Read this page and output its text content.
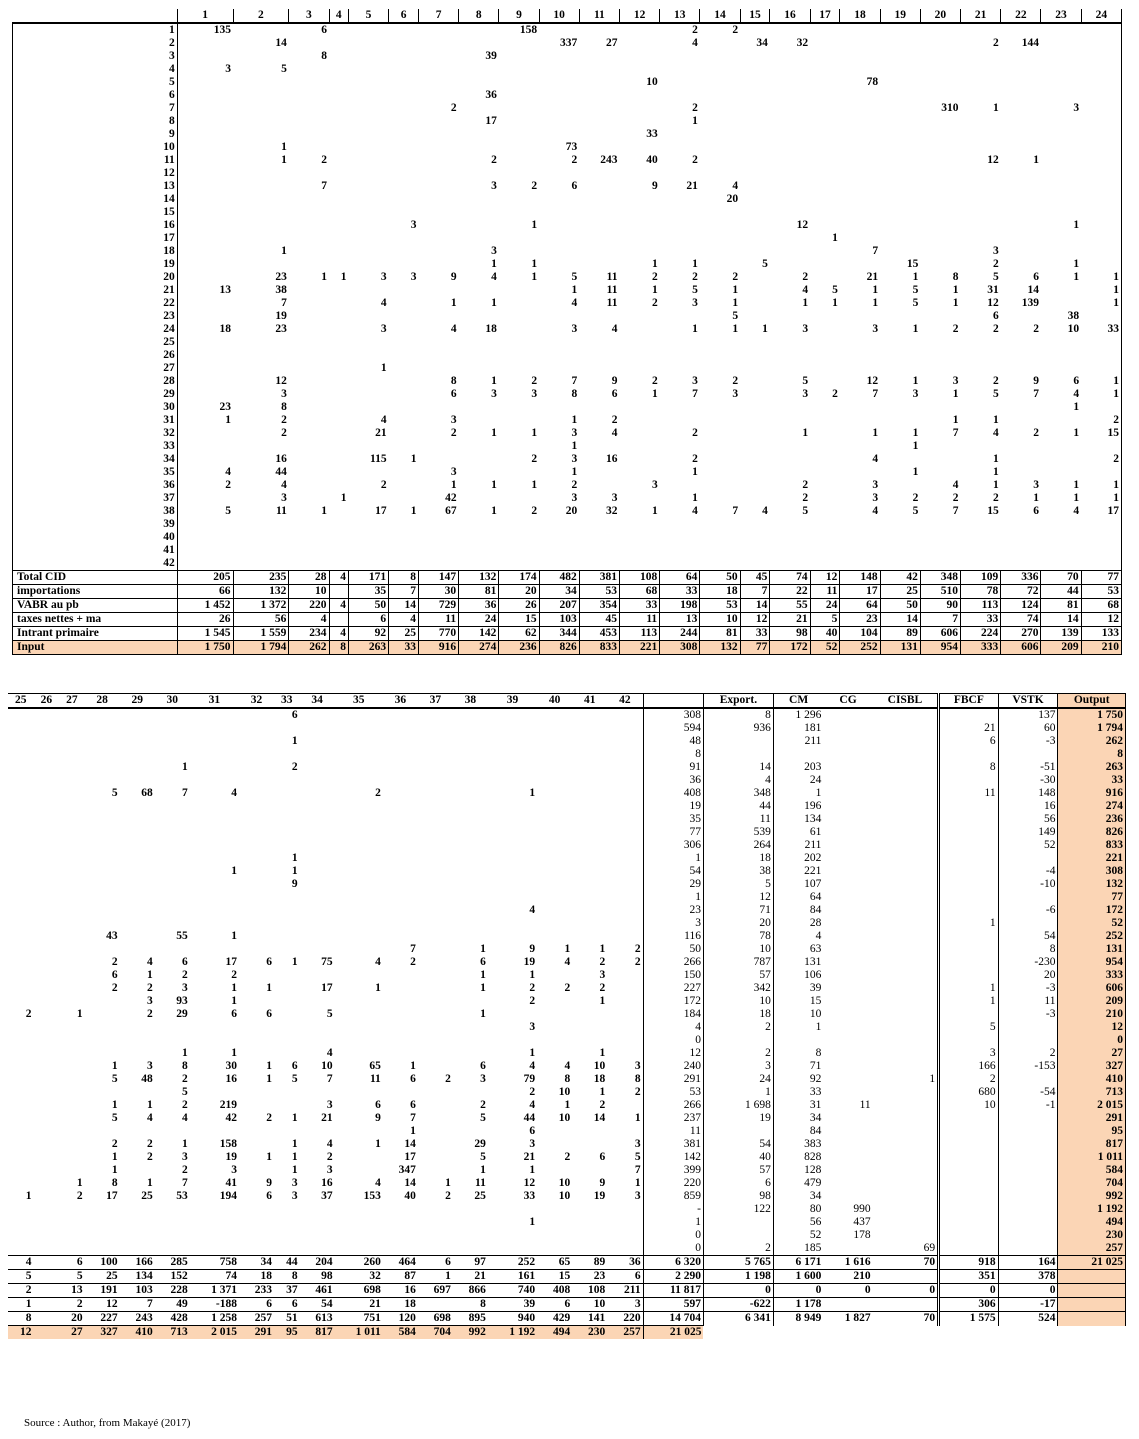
	1	2	3	4	5	6	7	8	9	10	11	12	13	14	15	16	17	18	19	20	21	22	23	24
1	135		6						158				2	2										
2		14								337	27		4		34	32					2	144		
3			8					39																
4	3	5																						
5												10						78						
6								36																
7							2						2							310	1		3	
8								17					1											
9												33												
10		1								73														
11		1	2					2		2	243	40	2								12	1		
12																								
13			7					3	2	6		9	21	4										
14														20										
15																								
16						3			1							12							1	
17																	1							
18		1						3										7			3			
19								1	1			1	1		5				15		2		1	
20		23	1	1	3	3	9	4	1	5	11	2	2	2		2		21	1	8	5	6	1	1
21	13	38								1	11	1	5	1		4	5	1	5	1	31	14		1
22		7			4		1	1		4	11	2	3	1		1	1	1	5	1	12	139		1
23		19												5							6		38	
24	18	23			3		4	18		3	4		1	1	1	3		3	1	2	2	2	10	33
25																								
26																								
27					1																			
28		12					8	1	2	7	9	2	3	2		5		12	1	3	2	9	6	1
29		3					6	3	3	8	6	1	7	3		3	2	7	3	1	5	7	4	1
30	23	8																					1	
31	1	2			4		3			1	2									1	1			2
32		2			21		2	1	1	3	4		2			1		1	1	7	4	2	1	15
33										1									1					
34		16			115	1			2	3	16		2					4			1			2
35	4	44					3			1			1						1		1			
36	2	4			2		1	1	1	2		3				2		3		4	1	3	1	1
37		3		1			42			3	3		1			2		3	2	2	2	1	1	1
38	5	11	1		17	1	67	1	2	20	32	1	4	7	4	5		4	5	7	15	6	4	17
39																								
40																								
41																								
42																								
Total CID	205	235	28	4	171	8	147	132	174	482	381	108	64	50	45	74	12	148	42	348	109	336	70	77
importations	66	132	10		35	7	30	81	20	34	53	68	33	18	7	22	11	17	25	510	78	72	44	53
VABR au pb	1 452	1 372	220	4	50	14	729	36	26	207	354	33	198	53	14	55	24	64	50	90	113	124	81	68
taxes nettes + ma	26	56	4		6	4	11	24	15	103	45	11	13	10	12	21	5	23	14	7	33	74	14	12
Intrant primaire	1 545	1 559	234	4	92	25	770	142	62	344	453	113	244	81	33	98	40	104	89	606	224	270	139	133
Input	1 750	1 794	262	8	263	33	916	274	236	826	833	221	308	132	77	172	52	252	131	954	333	606	209	210
25	26	27	28	29	30	31	32	33	34	35	36	37	38	39	40	41	42		Export.	CM	CG	CISBL	FBCF	VSTK	Output
								6										308	8	1 296				137	1 750
																		594	936	181			21	60	1 794
								1										48		211			6	-3	262
																		8							8
					1			2										91	14	203			8	-51	263
																		36	4	24				-30	33
			5	68	7	4				2				1				408	348	1			11	148	916
																		19	44	196				16	274
																		35	11	134				56	236
																		77	539	61				149	826
																		306	264	211				52	833
								1										1	18	202					221
						1		1										54	38	221				-4	308
								9										29	5	107				-10	132
																		1	12	64					77
														4				23	71	84				-6	172
																		3	20	28			1		52
			43		55	1												116	78	4				54	252
											7		1	9	1	1	2	50	10	63				8	131
			2	4	6	17	6	1	75	4	2		6	19	4	2	2	266	787	131				-230	954
			6	1	2	2							1	1		3		150	57	106				20	333
			2	2	3	1	1		17	1			1	2	2	2		227	342	39			1	-3	606
				3	93	1								2		1		172	10	15			1	11	209
2		1		2	29	6	6		5				1					184	18	10				-3	210
														3				4	2	1			5		12
																		0							0
					1	1			4					1		1		12	2	8			3	2	27
			1	3	8	30	1	6	10	65	1		6	4	4	10	3	240	3	71			166	-153	327
			5	48	2	16	1	5	7	11	6	2	3	79	8	18	8	291	24	92		1	2		410
					5									2	10	1	2	53	1	33			680	-54	713
			1	1	2	219			3	6	6		2	4	1	2		266	1 698	31	11		10	-1	2 015
			5	4	4	42	2	1	21	9	7		5	44	10	14	1	237	19	34					291
											1			6				11		84					95
			2	2	1	158		1	4	1	14		29	3			3	381	54	383					817
			1	2	3	19	1	1	2		17		5	21	2	6	5	142	40	828					1 011
			1		2	3		1	3		347		1	1			7	399	57	128					584
		1	8	1	7	41	9	3	16	4	14	1	11	12	10	9	1	220	6	479					704
1		2	17	25	53	194	6	3	37	153	40	2	25	33	10	19	3	859	98	34					992
																		-	122	80	990				1 192
														1				1		56	437				494
																		0		52	178				230
																		0	2	185		69			257
4		6	100	166	285	758	34	44	204	260	464	6	97	252	65	89	36	6 320	5 765	6 171	1 616	70	918	164	21 025
5		5	25	134	152	74	18	8	98	32	87	1	21	161	15	23	6	2 290	1 198	1 600	210		351	378	
2		13	191	103	228	1 371	233	37	461	698	16	697	866	740	408	108	211	11 817	0	0	0	0	0	0	
1		2	12	7	49	-188	6	6	54	21	18		8	39	6	10	3	597	-622	1 178			306	-17	
8		20	227	243	428	1 258	257	51	613	751	120	698	895	940	429	141	220	14 704	6 341	8 949	1 827	70	1 575	524	
12		27	327	410	713	2 015	291	95	817	1 011	584	704	992	1 192	494	230	257	21 025							
Source : Author, from Makayé (2017)
